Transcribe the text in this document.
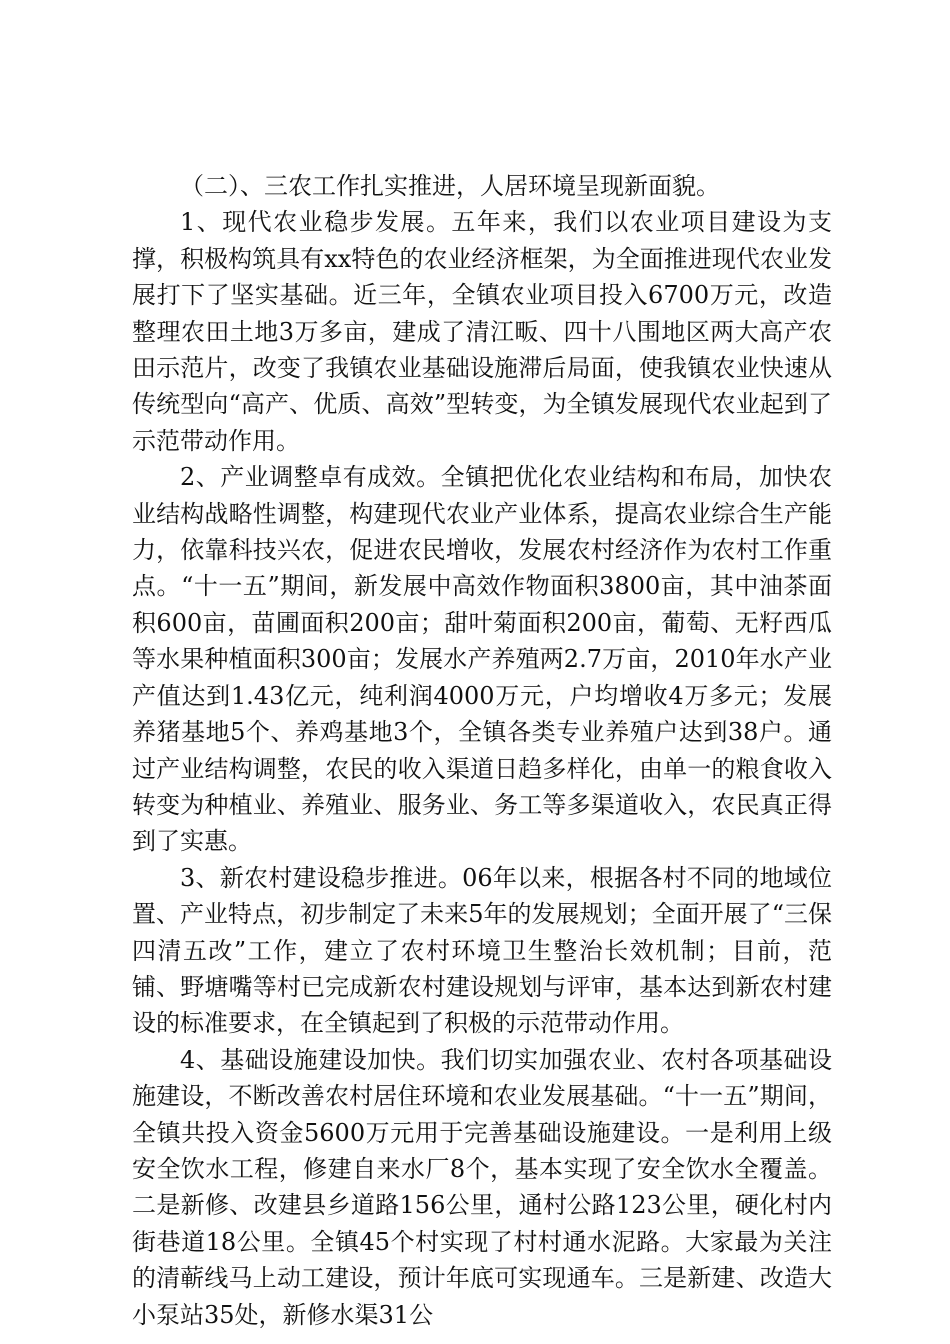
（二）、三农工作扎实推进，人居环境呈现新面貌。

1、现代农业稳步发展。五年来，我们以农业项目建设为支撑，积极构筑具有xx特色的农业经济框架，为全面推进现代农业发展打下了坚实基础。近三年，全镇农业项目投入6700万元，改造整理农田土地3万多亩，建成了清江畈、四十八围地区两大高产农田示范片，改变了我镇农业基础设施滞后局面，使我镇农业快速从传统型向“高产、优质、高效”型转变，为全镇发展现代农业起到了示范带动作用。

2、产业调整卓有成效。全镇把优化农业结构和布局，加快农业结构战略性调整，构建现代农业产业体系，提高农业综合生产能力，依靠科技兴农，促进农民增收，发展农村经济作为农村工作重点。“十一五”期间，新发展中高效作物面积3800亩，其中油茶面积600亩，苗圃面积200亩；甜叶菊面积200亩，葡萄、无籽西瓜等水果种植面积300亩；发展水产养殖两2.7万亩，2010年水产业产值达到1.43亿元，纯利润4000万元，户均增收4万多元；发展养猪基地5个、养鸡基地3个，全镇各类专业养殖户达到38户。通过产业结构调整，农民的收入渠道日趋多样化，由单一的粮食收入转变为种植业、养殖业、服务业、务工等多渠道收入，农民真正得到了实惠。

3、新农村建设稳步推进。06年以来，根据各村不同的地域位置、产业特点，初步制定了未来5年的发展规划；全面开展了“三保四清五改”工作，建立了农村环境卫生整治长效机制；目前，范铺、野塘嘴等村已完成新农村建设规划与评审，基本达到新农村建设的标准要求，在全镇起到了积极的示范带动作用。

4、基础设施建设加快。我们切实加强农业、农村各项基础设施建设，不断改善农村居住环境和农业发展基础。“十一五”期间，全镇共投入资金5600万元用于完善基础设施建设。一是利用上级安全饮水工程，修建自来水厂8个，基本实现了安全饮水全覆盖。二是新修、改建县乡道路156公里，通村公路123公里，硬化村内街巷道18公里。全镇45个村实现了村村通水泥路。大家最为关注的清蕲线马上动工建设，预计年底可实现通车。三是新建、改造大小泵站35处，新修水渠31公
